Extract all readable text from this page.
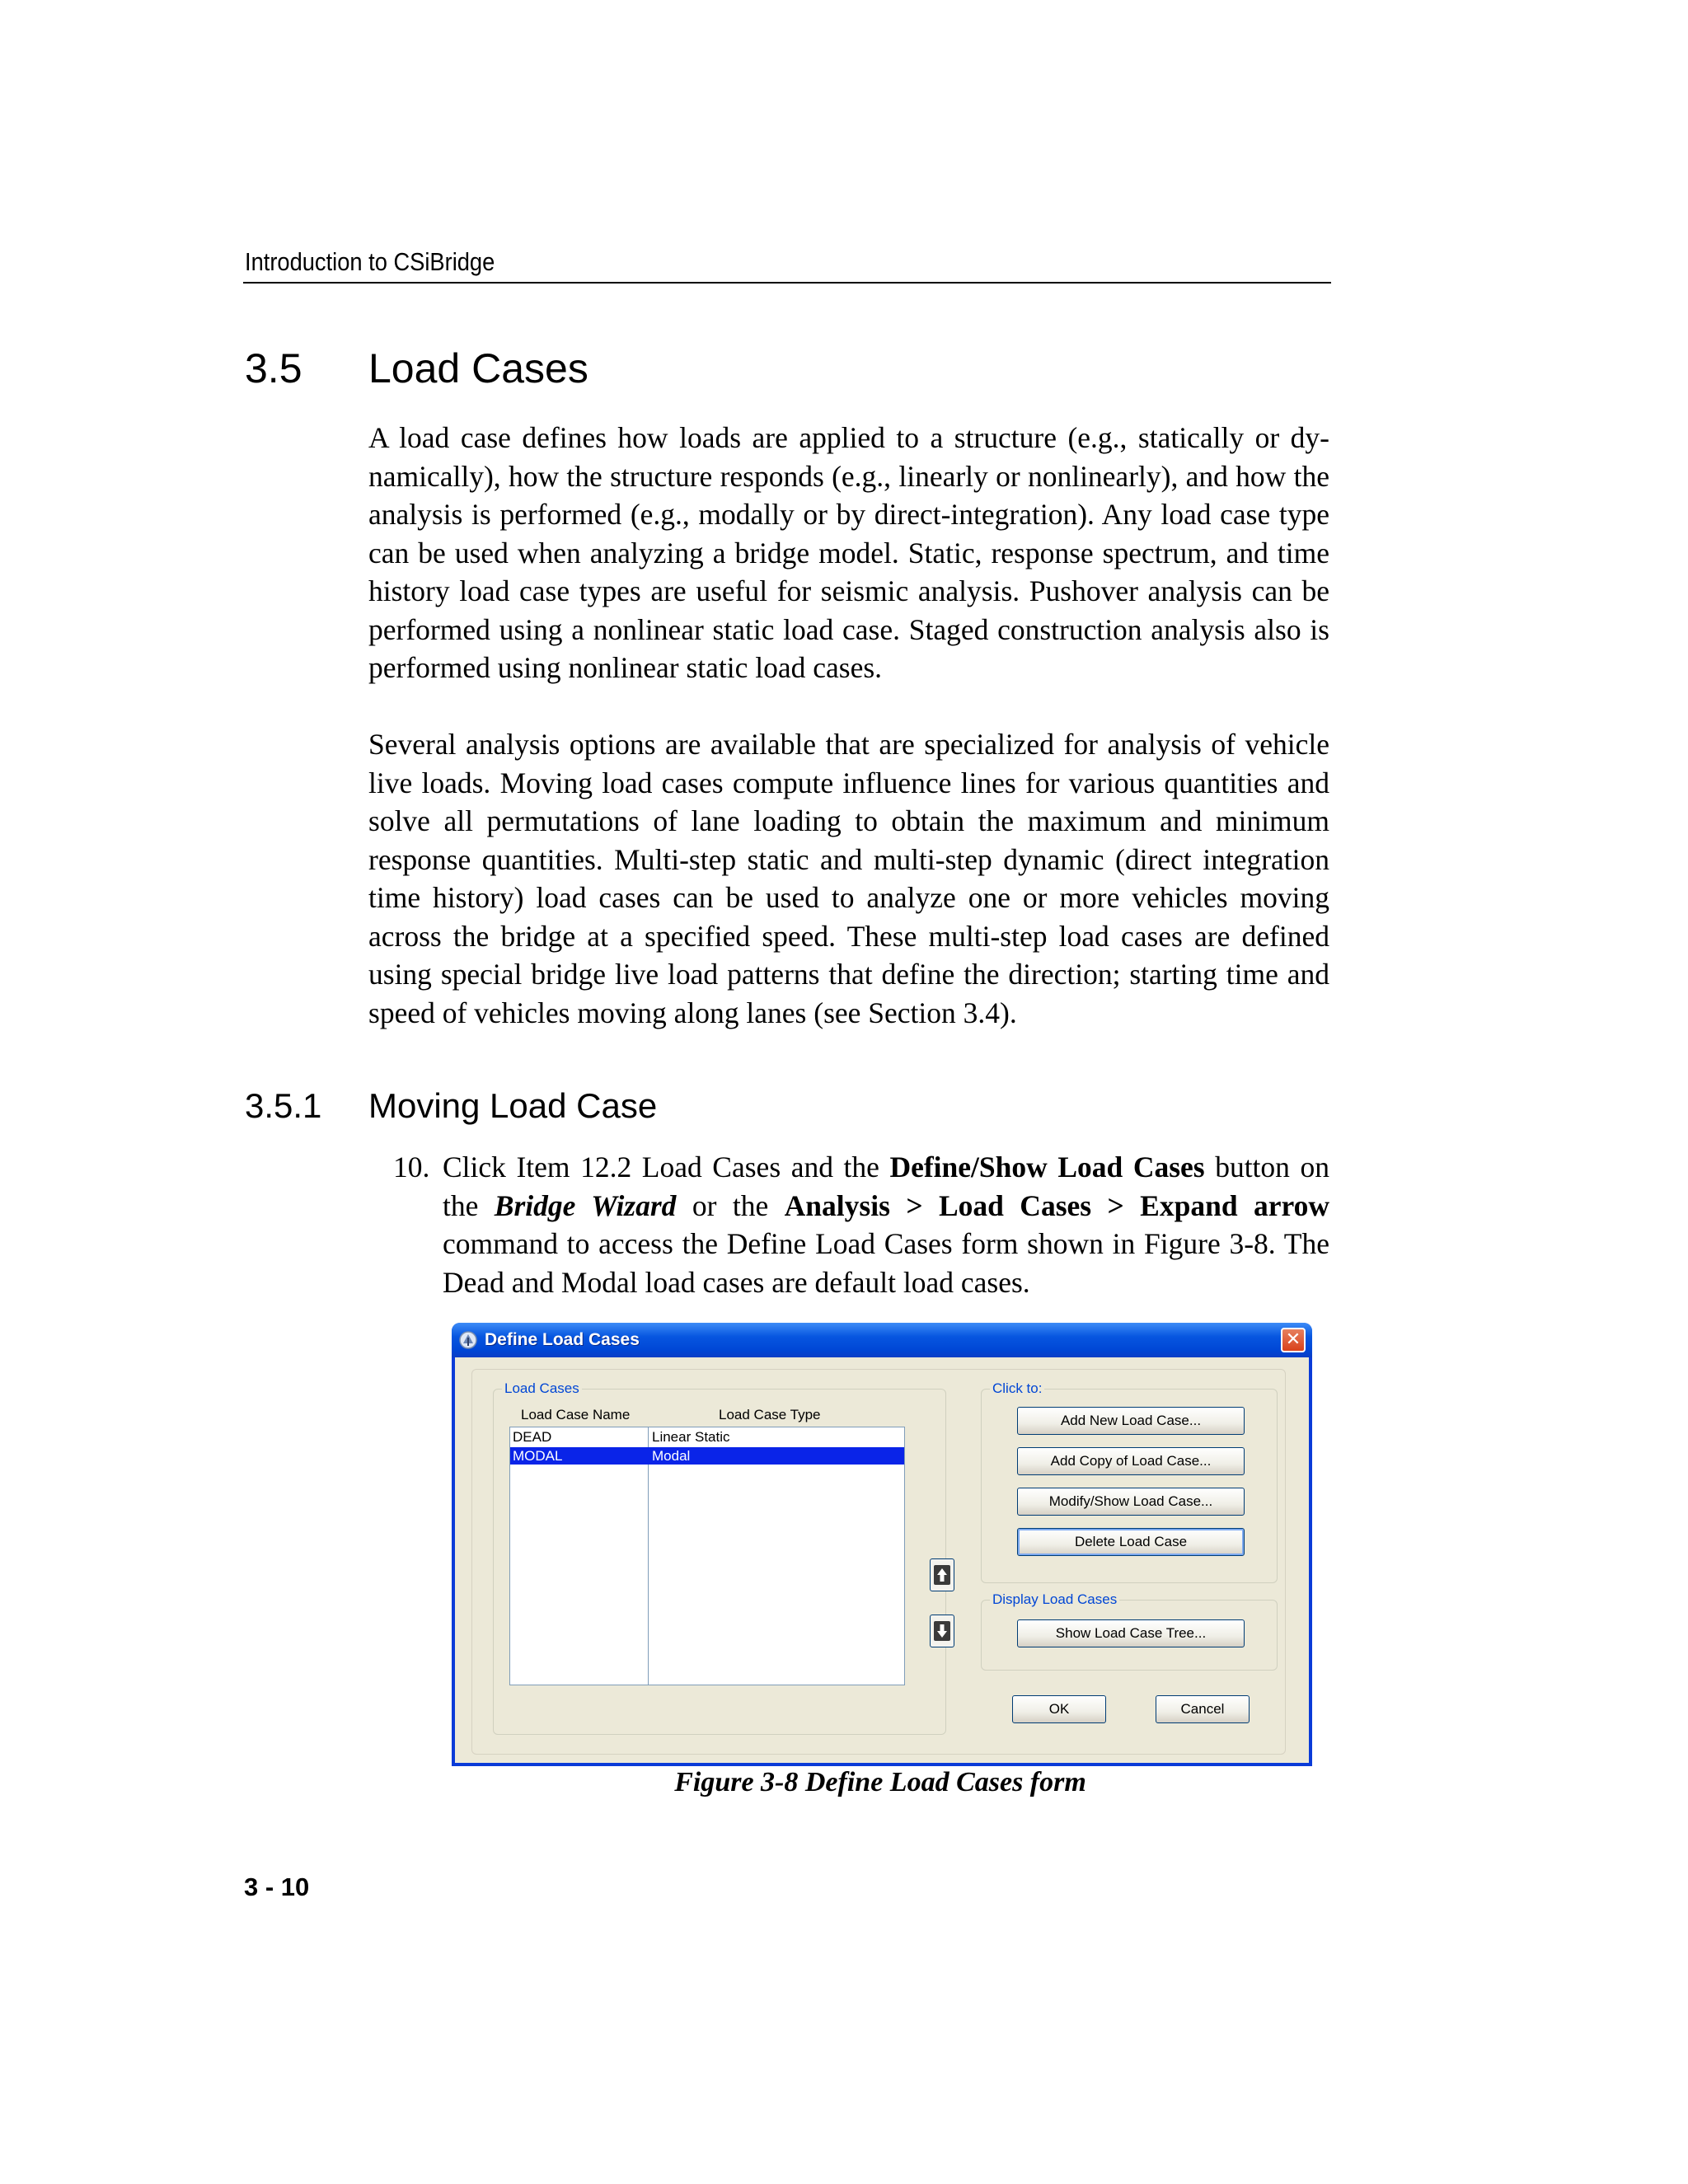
Introduction to CSiBridge
3.5 Load Cases

A load case defines how loads are applied to a structure (e.g., statically or dynamically), how the structure responds (e.g., linearly or nonlinearly), and how the analysis is performed (e.g., modally or by direct-integration). Any load case type can be used when analyzing a bridge model. Static, response spectrum, and time history load case types are useful for seismic analysis. Pushover analysis can be performed using a nonlinear static load case. Staged construction analysis also is performed using nonlinear static load cases.

Several analysis options are available that are specialized for analysis of vehicle live loads. Moving load cases compute influence lines for various quantities and solve all permutations of lane loading to obtain the maximum and minimum response quantities. Multi-step static and multi-step dynamic (direct integration time history) load cases can be used to analyze one or more vehicles moving across the bridge at a specified speed. These multi-step load cases are defined using special bridge live load patterns that define the direction; starting time and speed of vehicles moving along lanes (see Section 3.4).

3.5.1 Moving Load Case
10. Click Item 12.2 Load Cases and the Define/Show Load Cases button on the Bridge Wizard or the Analysis > Load Cases > Expand arrow command to access the Define Load Cases form shown in Figure 3-8. The Dead and Modal load cases are default load cases.
Define Load Cases	✕
Load Cases
Load Case Name	Load Case Type
DEAD	Linear Static
MODAL	Modal
Click to:
Add New Load Case...
Add Copy of Load Case...
Modify/Show Load Case...
Delete Load Case
Display Load Cases
Show Load Case Tree...
OK	Cancel
Figure 3-8 Define Load Cases form
3 - 10
